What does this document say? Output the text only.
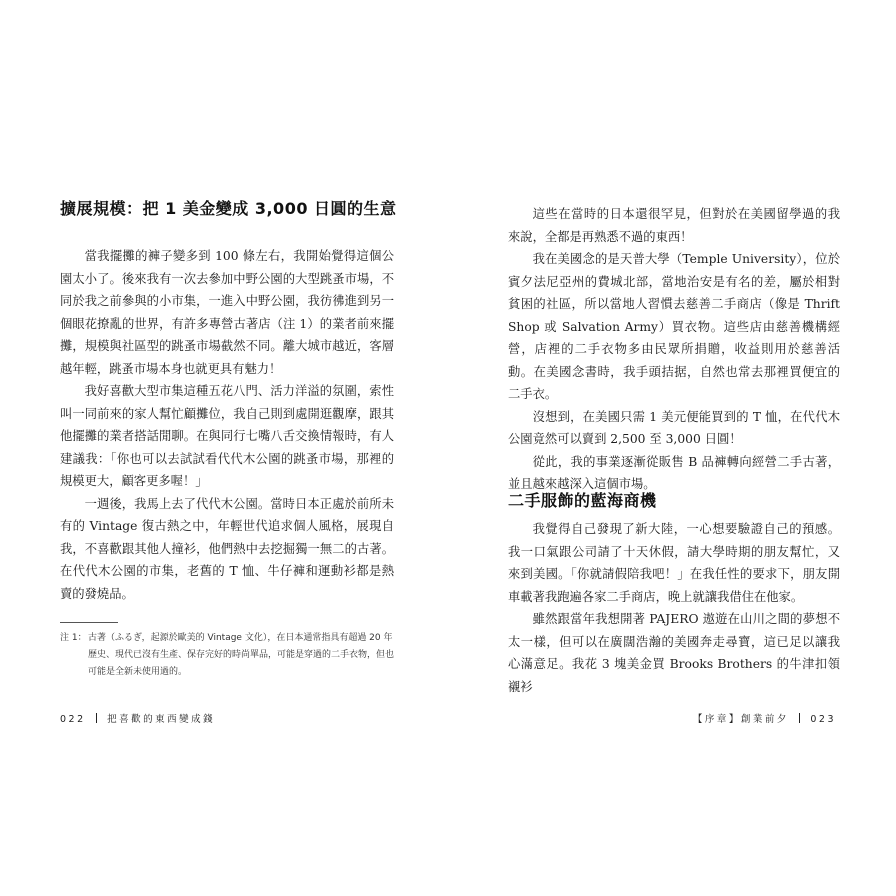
擴展規模：把 1 美金變成 3,000 日圓的生意

當我擺攤的褲子變多到 100 條左右，我開始覺得這個公園太小了。後來我有一次去參加中野公園的大型跳蚤市場，不同於我之前參與的小市集，一進入中野公園，我彷彿進到另一個眼花撩亂的世界，有許多專營古著店（注 1）的業者前來擺攤，規模與社區型的跳蚤市場截然不同。離大城市越近，客層越年輕，跳蚤市場本身也就更具有魅力！

我好喜歡大型市集這種五花八門、活力洋溢的氛圍，索性叫一同前來的家人幫忙顧攤位，我自己則到處開逛觀摩，跟其他擺攤的業者搭話閒聊。在與同行七嘴八舌交換情報時，有人建議我：「你也可以去試試看代代木公園的跳蚤市場，那裡的規模更大，顧客更多喔！」

一週後，我馬上去了代代木公園。當時日本正處於前所未有的 Vintage 復古熱之中，年輕世代追求個人風格，展現自我，不喜歡跟其他人撞衫，他們熱中去挖掘獨一無二的古著。在代代木公園的市集，老舊的 T 恤、牛仔褲和運動衫都是熱賣的發燒品。

注 1： 古著（ふるぎ，起源於歐美的 Vintage 文化），在日本通常指具有超過 20 年歷史、現代已沒有生產、保存完好的時尚單品，可能是穿過的二手衣物，但也可能是全新未使用過的。
022 把喜歡的東西變成錢

這些在當時的日本還很罕見，但對於在美國留學過的我來說，全都是再熟悉不過的東西！

我在美國念的是天普大學（Temple University），位於賓夕法尼亞州的費城北部，當地治安是有名的差，屬於相對貧困的社區，所以當地人習慣去慈善二手商店（像是 Thrift Shop 或 Salvation Army）買衣物。這些店由慈善機構經營，店裡的二手衣物多由民眾所捐贈，收益則用於慈善活動。在美國念書時，我手頭拮据，自然也常去那裡買便宜的二手衣。

沒想到，在美國只需 1 美元便能買到的 T 恤，在代代木公園竟然可以賣到 2,500 至 3,000 日圓！

從此，我的事業逐漸從販售 B 品褲轉向經營二手古著，並且越來越深入這個市場。

二手服飾的藍海商機

我覺得自己發現了新大陸，一心想要驗證自己的預感。我一口氣跟公司請了十天休假，請大學時期的朋友幫忙，又來到美國。「你就請假陪我吧！」在我任性的要求下，朋友開車載著我跑遍各家二手商店，晚上就讓我借住在他家。

雖然跟當年我想開著 PAJERO 遨遊在山川之間的夢想不太一樣，但可以在廣闊浩瀚的美國奔走尋寶，這已足以讓我心滿意足。我花 3 塊美金買 Brooks Brothers 的牛津扣領襯衫

【序章】創業前夕 023
